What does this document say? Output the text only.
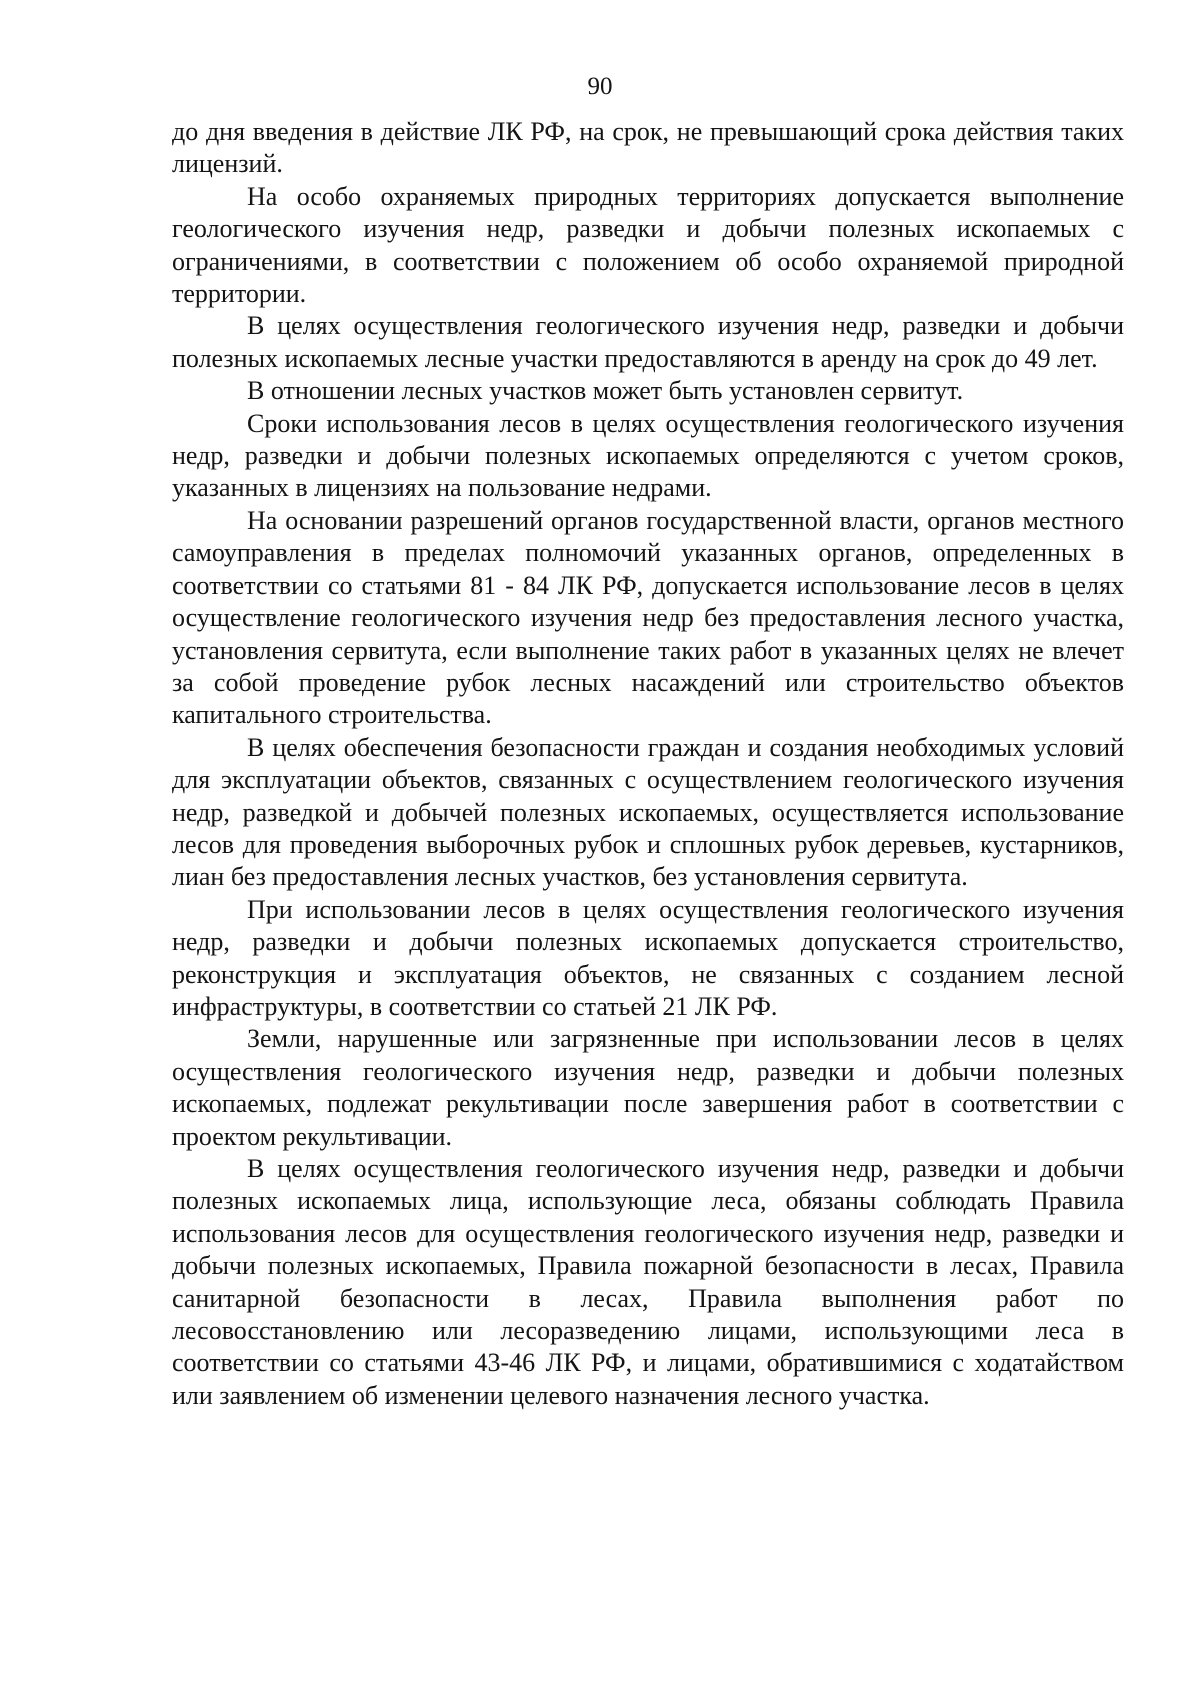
90

до дня введения в действие ЛК РФ, на срок, не превышающий срока действия таких лицензий.

На особо охраняемых природных территориях допускается выполнение геологического изучения недр, разведки и добычи полезных ископаемых с ограничениями, в соответствии с положением об особо охраняемой природной территории.

В целях осуществления геологического изучения недр, разведки и добычи полезных ископаемых лесные участки предоставляются в аренду на срок до 49 лет.

В отношении лесных участков может быть установлен сервитут.

Сроки использования лесов в целях осуществления геологического изучения недр, разведки и добычи полезных ископаемых определяются с учетом сроков, указанных в лицензиях на пользование недрами.

На основании разрешений органов государственной власти, органов местного самоуправления в пределах полномочий указанных органов, определенных в соответствии со статьями 81 - 84 ЛК РФ, допускается использование лесов в целях осуществление геологического изучения недр без предоставления лесного участка, установления сервитута, если выполнение таких работ в указанных целях не влечет за собой проведение рубок лесных насаждений или строительство объектов капитального строительства.

В целях обеспечения безопасности граждан и создания необходимых условий для эксплуатации объектов, связанных с осуществлением геологического изучения недр, разведкой и добычей полезных ископаемых, осуществляется использование лесов для проведения выборочных рубок и сплошных рубок деревьев, кустарников, лиан без предоставления лесных участков, без установления сервитута.

При использовании лесов в целях осуществления геологического изучения недр, разведки и добычи полезных ископаемых допускается строительство, реконструкция и эксплуатация объектов, не связанных с созданием лесной инфраструктуры, в соответствии со статьей 21 ЛК РФ.

Земли, нарушенные или загрязненные при использовании лесов в целях осуществления геологического изучения недр, разведки и добычи полезных ископаемых, подлежат рекультивации после завершения работ в соответствии с проектом рекультивации.

В целях осуществления геологического изучения недр, разведки и добычи полезных ископаемых лица, использующие леса, обязаны соблюдать Правила использования лесов для осуществления геологического изучения недр, разведки и добычи полезных ископаемых, Правила пожарной безопасности в лесах, Правила санитарной безопасности в лесах, Правила выполнения работ по лесовосстановлению или лесоразведению лицами, использующими леса в соответствии со статьями 43-46 ЛК РФ, и лицами, обратившимися с ходатайством или заявлением об изменении целевого назначения лесного участка.
